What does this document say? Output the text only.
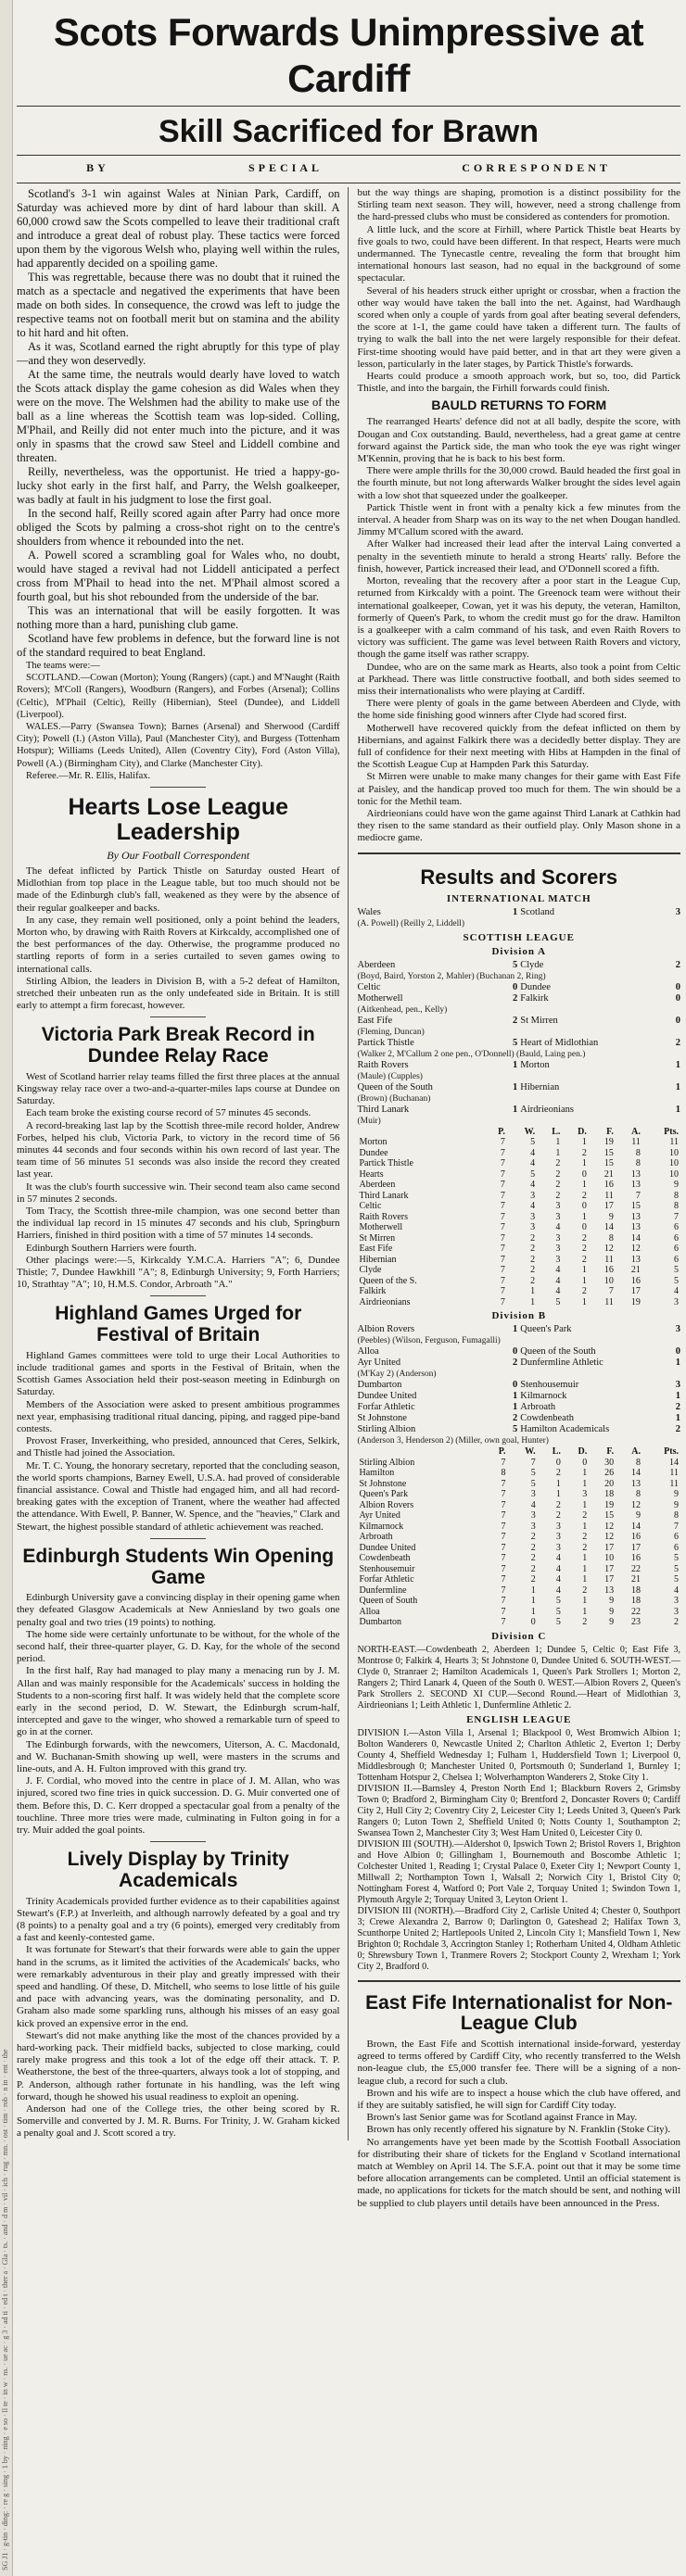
SG J1 · g-tin · ding: · re g · sing · 1 by · ning · e so · ll te · in w · ns. · ue ac · g 3 · ad ti · ed t · ther a · Gla · ts. · and · d m · vil · ich · rug · mn. · ost · tim · rob · n in · ent · the
Scots Forwards Unimpressive at Cardiff
Skill Sacrificed for Brawn
BY	SPECIAL	CORRESPONDENT

Scotland's 3-1 win against Wales at Ninian Park, Cardiff, on Saturday was achieved more by dint of hard labour than skill. A 60,000 crowd saw the Scots compelled to leave their traditional craft and introduce a great deal of robust play. These tactics were forced upon them by the vigorous Welsh who, playing well within the rules, had apparently decided on a spoiling game.

This was regrettable, because there was no doubt that it ruined the match as a spectacle and negatived the experiments that have been made on both sides. In consequence, the crowd was left to judge the respective teams not on football merit but on stamina and the ability to hit hard and hit often.

As it was, Scotland earned the right abruptly for this type of play—and they won deservedly.

At the same time, the neutrals would dearly have loved to watch the Scots attack display the game cohesion as did Wales when they were on the move. The Welshmen had the ability to make use of the ball as a line whereas the Scottish team was lop-sided. Colling, M'Phail, and Reilly did not enter much into the picture, and it was only in spasms that the crowd saw Steel and Liddell combine and threaten.

Reilly, nevertheless, was the opportunist. He tried a happy-go-lucky shot early in the first half, and Parry, the Welsh goalkeeper, was badly at fault in his judgment to lose the first goal.

In the second half, Reilly scored again after Parry had once more obliged the Scots by palming a cross-shot right on to the centre's shoulders from whence it rebounded into the net.

A. Powell scored a scrambling goal for Wales who, no doubt, would have staged a revival had not Liddell anticipated a perfect cross from M'Phail to head into the net. M'Phail almost scored a fourth goal, but his shot rebounded from the underside of the bar.

This was an international that will be easily forgotten. It was nothing more than a hard, punishing club game.

Scotland have few problems in defence, but the forward line is not of the standard required to beat England.

The teams were:—

SCOTLAND.—Cowan (Morton); Young (Rangers) (capt.) and M'Naught (Raith Rovers); M'Coll (Rangers), Woodburn (Rangers), and Forbes (Arsenal); Collins (Celtic), M'Phail (Celtic), Reilly (Hibernian), Steel (Dundee), and Liddell (Liverpool).

WALES.—Parry (Swansea Town); Barnes (Arsenal) and Sherwood (Cardiff City); Powell (I.) (Aston Villa), Paul (Manchester City), and Burgess (Tottenham Hotspur); Williams (Leeds United), Allen (Coventry City), Ford (Aston Villa), Powell (A.) (Birmingham City), and Clarke (Manchester City).

Referee.—Mr. R. Ellis, Halifax.

Hearts Lose League Leadership
By Our Football Correspondent

The defeat inflicted by Partick Thistle on Saturday ousted Heart of Midlothian from top place in the League table, but too much should not be made of the Edinburgh club's fall, weakened as they were by the absence of their regular goalkeeper and backs.

In any case, they remain well positioned, only a point behind the leaders, Morton who, by drawing with Raith Rovers at Kirkcaldy, accomplished one of the best performances of the day. Otherwise, the programme produced no startling reports of form in a series curtailed to seven games owing to international calls.

Stirling Albion, the leaders in Division B, with a 5-2 defeat of Hamilton, stretched their unbeaten run as the only undefeated side in Britain. It is still early to attempt a firm forecast, however.

Victoria Park Break Record in Dundee Relay Race

West of Scotland harrier relay teams filled the first three places at the annual Kingsway relay race over a two-and-a-quarter-miles laps course at Dundee on Saturday.

Each team broke the existing course record of 57 minutes 45 seconds.

A record-breaking last lap by the Scottish three-mile record holder, Andrew Forbes, helped his club, Victoria Park, to victory in the record time of 56 minutes 44 seconds and four seconds within his own record of last year. The team time of 56 minutes 51 seconds was also inside the record they created last year.

It was the club's fourth successive win. Their second team also came second in 57 minutes 2 seconds.

Tom Tracy, the Scottish three-mile champion, was one second better than the individual lap record in 15 minutes 47 seconds and his club, Springburn Harriers, finished in third position with a time of 57 minutes 14 seconds.

Edinburgh Southern Harriers were fourth.

Other placings were:—5, Kirkcaldy Y.M.C.A. Harriers "A"; 6, Dundee Thistle; 7, Dundee Hawkhill "A"; 8, Edinburgh University; 9, Forth Harriers; 10, Strathtay "A"; 10, H.M.S. Condor, Arbroath "A."

Highland Games Urged for Festival of Britain

Highland Games committees were told to urge their Local Authorities to include traditional games and sports in the Festival of Britain, when the Scottish Games Association held their post-season meeting in Edinburgh on Saturday.

Members of the Association were asked to present ambitious programmes next year, emphasising traditional ritual dancing, piping, and ragged pipe-band contests.

Provost Fraser, Inverkeithing, who presided, announced that Ceres, Selkirk, and Thistle had joined the Association.

Mr. T. C. Young, the honorary secretary, reported that the concluding season, the world sports champions, Barney Ewell, U.S.A. had proved of considerable financial assistance. Cowal and Thistle had engaged him, and all had record-breaking gates with the exception of Tranent, where the weather had affected the attendance. With Ewell, P. Banner, W. Spence, and the "heavies," Clark and Stewart, the highest possible standard of athletic achievement was reached.

Edinburgh Students Win Opening Game

Edinburgh University gave a convincing display in their opening game when they defeated Glasgow Academicals at New Anniesland by two goals one penalty goal and two tries (19 points) to nothing.

The home side were certainly unfortunate to be without, for the whole of the second half, their three-quarter player, G. D. Kay, for the whole of the second period.

In the first half, Ray had managed to play many a menacing run by J. M. Allan and was mainly responsible for the Academicals' success in holding the Students to a non-scoring first half. It was widely held that the complete score early in the second period, D. W. Stewart, the Edinburgh scrum-half, intercepted and gave to the winger, who showed a remarkable turn of speed to go in at the corner.

The Edinburgh forwards, with the newcomers, Uiterson, A. C. Macdonald, and W. Buchanan-Smith showing up well, were masters in the scrums and line-outs, and A. H. Fulton improved with this grand try.

J. F. Cordial, who moved into the centre in place of J. M. Allan, who was injured, scored two fine tries in quick succession. D. G. Muir converted one of them. Before this, D. C. Kerr dropped a spectacular goal from a penalty of the touchline. Three more tries were made, culminating in Fulton going in for a try. Muir added the goal points.

Lively Display by Trinity Academicals

Trinity Academicals provided further evidence as to their capabilities against Stewart's (F.P.) at Inverleith, and although narrowly defeated by a goal and try (8 points) to a penalty goal and a try (6 points), emerged very creditably from a fast and keenly-contested game.

It was fortunate for Stewart's that their forwards were able to gain the upper hand in the scrums, as it limited the activities of the Academicals' backs, who were remarkably adventurous in their play and greatly impressed with their speed and handling. Of these, D. Mitchell, who seems to lose little of his guile and pace with advancing years, was the dominating personality, and D. Graham also made some sparkling runs, although his misses of an easy goal kick proved an expensive error in the end.

Stewart's did not make anything like the most of the chances provided by a hard-working pack. Their midfield backs, subjected to close marking, could rarely make progress and this took a lot of the edge off their attack. T. P. Weatherstone, the best of the three-quarters, always took a lot of stopping, and P. Anderson, although rather fortunate in his handling, was the left wing forward, though he showed his usual readiness to exploit an opening.

Anderson had one of the College tries, the other being scored by R. Somerville and converted by J. M. R. Burns. For Trinity, J. W. Graham kicked a penalty goal and J. Scott scored a try.

but the way things are shaping, promotion is a distinct possibility for the Stirling team next season. They will, however, need a strong challenge from the hard-pressed clubs who must be considered as contenders for promotion.

A little luck, and the score at Firhill, where Partick Thistle beat Hearts by five goals to two, could have been different. In that respect, Hearts were much undermanned. The Tynecastle centre, revealing the form that brought him international honours last season, had no equal in the background of some spectacular.

Several of his headers struck either upright or crossbar, when a fraction the other way would have taken the ball into the net. Against, had Wardhaugh scored when only a couple of yards from goal after beating several defenders, the score at 1-1, the game could have taken a different turn. The faults of trying to walk the ball into the net were largely responsible for their defeat. First-time shooting would have paid better, and in that art they were given a lesson, particularly in the later stages, by Partick Thistle's forwards.

Hearts could produce a smooth approach work, but so, too, did Partick Thistle, and into the bargain, the Firhill forwards could finish.

BAULD RETURNS TO FORM

The rearranged Hearts' defence did not at all badly, despite the score, with Dougan and Cox outstanding. Bauld, nevertheless, had a great game at centre forward against the Partick side, the man who took the eye was right winger M'Kennin, proving that he is back to his best form.

There were ample thrills for the 30,000 crowd. Bauld headed the first goal in the fourth minute, but not long afterwards Walker brought the sides level again with a low shot that squeezed under the goalkeeper.

Partick Thistle went in front with a penalty kick a few minutes from the interval. A header from Sharp was on its way to the net when Dougan handled. Jimmy M'Callum scored with the award.

After Walker had increased their lead after the interval Laing converted a penalty in the seventieth minute to herald a strong Hearts' rally. Before the finish, however, Partick increased their lead, and O'Donnell scored a fifth.

Morton, revealing that the recovery after a poor start in the League Cup, returned from Kirkcaldy with a point. The Greenock team were without their international goalkeeper, Cowan, yet it was his deputy, the veteran, Hamilton, formerly of Queen's Park, to whom the credit must go for the draw. Hamilton is a goalkeeper with a calm command of his task, and even Raith Rovers to victory was sufficient. The game was level between Raith Rovers and victory, though the game itself was rather scrappy.

Dundee, who are on the same mark as Hearts, also took a point from Celtic at Parkhead. There was little constructive football, and both sides seemed to miss their internationalists who were playing at Cardiff.

There were plenty of goals in the game between Aberdeen and Clyde, with the home side finishing good winners after Clyde had scored first.

Motherwell have recovered quickly from the defeat inflicted on them by Hibernians, and against Falkirk there was a decidedly better display. They are full of confidence for their next meeting with Hibs at Hampden in the final of the Scottish League Cup at Hampden Park this Saturday.

St Mirren were unable to make many changes for their game with East Fife at Paisley, and the handicap proved too much for them. The win should be a tonic for the Methil team.

Airdrieonians could have won the game against Third Lanark at Cathkin had they risen to the same standard as their outfield play. Only Mason shone in a mediocre game.

Results and Scorers
INTERNATIONAL MATCH
Wales	1 Scotland	3
(A. Powell) (Reilly 2, Liddell)
SCOTTISH LEAGUE
Division A
Aberdeen	5 Clyde	2
(Boyd, Baird, Yorston 2, Mahler) (Buchanan 2, Ring)
Celtic	0 Dundee	0
Motherwell	2 Falkirk	0
(Aitkenhead, pen., Kelly)
East Fife	2 St Mirren	0
(Fleming, Duncan)
Partick Thistle	5 Heart of Midlothian	2
(Walker 2, M'Callum 2 one pen., O'Donnell) (Bauld, Laing pen.)
Raith Rovers	1 Morton	1
(Maule) (Cupples)
Queen of the South	1 Hibernian	1
(Brown) (Buchanan)
Third Lanark	1 Airdrieonians	1
(Muir)
	P.	W.	L.	D.	F.	A.	Pts.
Morton	7	5	1	1	19	11	11
Dundee	7	4	1	2	15	8	10
Partick Thistle	7	4	2	1	15	8	10
Hearts	7	5	2	0	21	13	10
Aberdeen	7	4	2	1	16	13	9
Third Lanark	7	3	2	2	11	7	8
Celtic	7	4	3	0	17	15	8
Raith Rovers	7	3	3	1	9	13	7
Motherwell	7	3	4	0	14	13	6
St Mirren	7	2	3	2	8	14	6
East Fife	7	2	3	2	12	12	6
Hibernian	7	2	3	2	11	13	6
Clyde	7	2	4	1	16	21	5
Queen of the S.	7	2	4	1	10	16	5
Falkirk	7	1	4	2	7	17	4
Airdrieonians	7	1	5	1	11	19	3
Division B
Albion Rovers	1 Queen's Park	3
(Peebles) (Wilson, Ferguson, Fumagalli)
Alloa	0 Queen of the South	0
Ayr United	2 Dunfermline Athletic	1
(M'Kay 2) (Anderson)
Dumbarton	0 Stenhousemuir	3
Dundee United	1 Kilmarnock	1
Forfar Athletic	1 Arbroath	2
St Johnstone	2 Cowdenbeath	1
Stirling Albion	5 Hamilton Academicals	2
(Anderson 3, Henderson 2) (Miller, own goal, Hunter)
	P.	W.	L.	D.	F.	A.	Pts.
Stirling Albion	7	7	0	0	30	8	14
Hamilton	8	5	2	1	26	14	11
St Johnstone	7	5	1	1	20	13	11
Queen's Park	7	3	1	3	18	8	9
Albion Rovers	7	4	2	1	19	12	9
Ayr United	7	3	2	2	15	9	8
Kilmarnock	7	3	3	1	12	14	7
Arbroath	7	2	3	2	12	16	6
Dundee United	7	2	3	2	17	17	6
Cowdenbeath	7	2	4	1	10	16	5
Stenhousemuir	7	2	4	1	17	22	5
Forfar Athletic	7	2	4	1	17	21	5
Dunfermline	7	1	4	2	13	18	4
Queen of South	7	1	5	1	9	18	3
Alloa	7	1	5	1	9	22	3
Dumbarton	7	0	5	2	9	23	2
Division C

NORTH-EAST.—Cowdenbeath 2, Aberdeen 1; Dundee 5, Celtic 0; East Fife 3, Montrose 0; Falkirk 4, Hearts 3; St Johnstone 0, Dundee United 6. SOUTH-WEST.—Clyde 0, Stranraer 2; Hamilton Academicals 1, Queen's Park Strollers 1; Morton 2, Rangers 2; Third Lanark 4, Queen of the South 0. WEST.—Albion Rovers 2, Queen's Park Strollers 2. SECOND XI CUP.—Second Round.—Heart of Midlothian 3, Airdrieonians 1; Leith Athletic 1, Dunfermline Athletic 2.

ENGLISH LEAGUE

DIVISION I.—Aston Villa 1, Arsenal 1; Blackpool 0, West Bromwich Albion 1; Bolton Wanderers 0, Newcastle United 2; Charlton Athletic 2, Everton 1; Derby County 4, Sheffield Wednesday 1; Fulham 1, Huddersfield Town 1; Liverpool 0, Middlesbrough 0; Manchester United 0, Portsmouth 0; Sunderland 1, Burnley 1; Tottenham Hotspur 2, Chelsea 1; Wolverhampton Wanderers 2, Stoke City 1.

DIVISION II.—Barnsley 4, Preston North End 1; Blackburn Rovers 2, Grimsby Town 0; Bradford 2, Birmingham City 0; Brentford 2, Doncaster Rovers 0; Cardiff City 2, Hull City 2; Coventry City 2, Leicester City 1; Leeds United 3, Queen's Park Rangers 0; Luton Town 2, Sheffield United 0; Notts County 1, Southampton 2; Swansea Town 2, Manchester City 3; West Ham United 0, Leicester City 0.

DIVISION III (SOUTH).—Aldershot 0, Ipswich Town 2; Bristol Rovers 1, Brighton and Hove Albion 0; Gillingham 1, Bournemouth and Boscombe Athletic 1; Colchester United 1, Reading 1; Crystal Palace 0, Exeter City 1; Newport County 1, Millwall 2; Northampton Town 1, Walsall 2; Norwich City 1, Bristol City 0; Nottingham Forest 4, Watford 0; Port Vale 2, Torquay United 1; Swindon Town 1, Plymouth Argyle 2; Torquay United 3, Leyton Orient 1.

DIVISION III (NORTH).—Bradford City 2, Carlisle United 4; Chester 0, Southport 3; Crewe Alexandra 2, Barrow 0; Darlington 0, Gateshead 2; Halifax Town 3, Scunthorpe United 2; Hartlepools United 2, Lincoln City 1; Mansfield Town 1, New Brighton 0; Rochdale 3, Accrington Stanley 1; Rotherham United 4, Oldham Athletic 0; Shrewsbury Town 1, Tranmere Rovers 2; Stockport County 2, Wrexham 1; York City 2, Bradford 0.

East Fife Internationalist for Non-League Club

Brown, the East Fife and Scottish international inside-forward, yesterday agreed to terms offered by Cardiff City, who recently transferred to the Welsh non-league club, the £5,000 transfer fee. There will be a signing of a non-league club, a record for such a club.

Brown and his wife are to inspect a house which the club have offered, and if they are suitably satisfied, he will sign for Cardiff City today.

Brown's last Senior game was for Scotland against France in May.

Brown has only recently offered his signature by N. Franklin (Stoke City).

No arrangements have yet been made by the Scottish Football Association for distributing their share of tickets for the England v Scotland international match at Wembley on April 14. The S.F.A. point out that it may be some time before allocation arrangements can be completed. Until an official statement is made, no applications for tickets for the match should be sent, and nothing will be supplied to club players until details have been announced in the Press.
